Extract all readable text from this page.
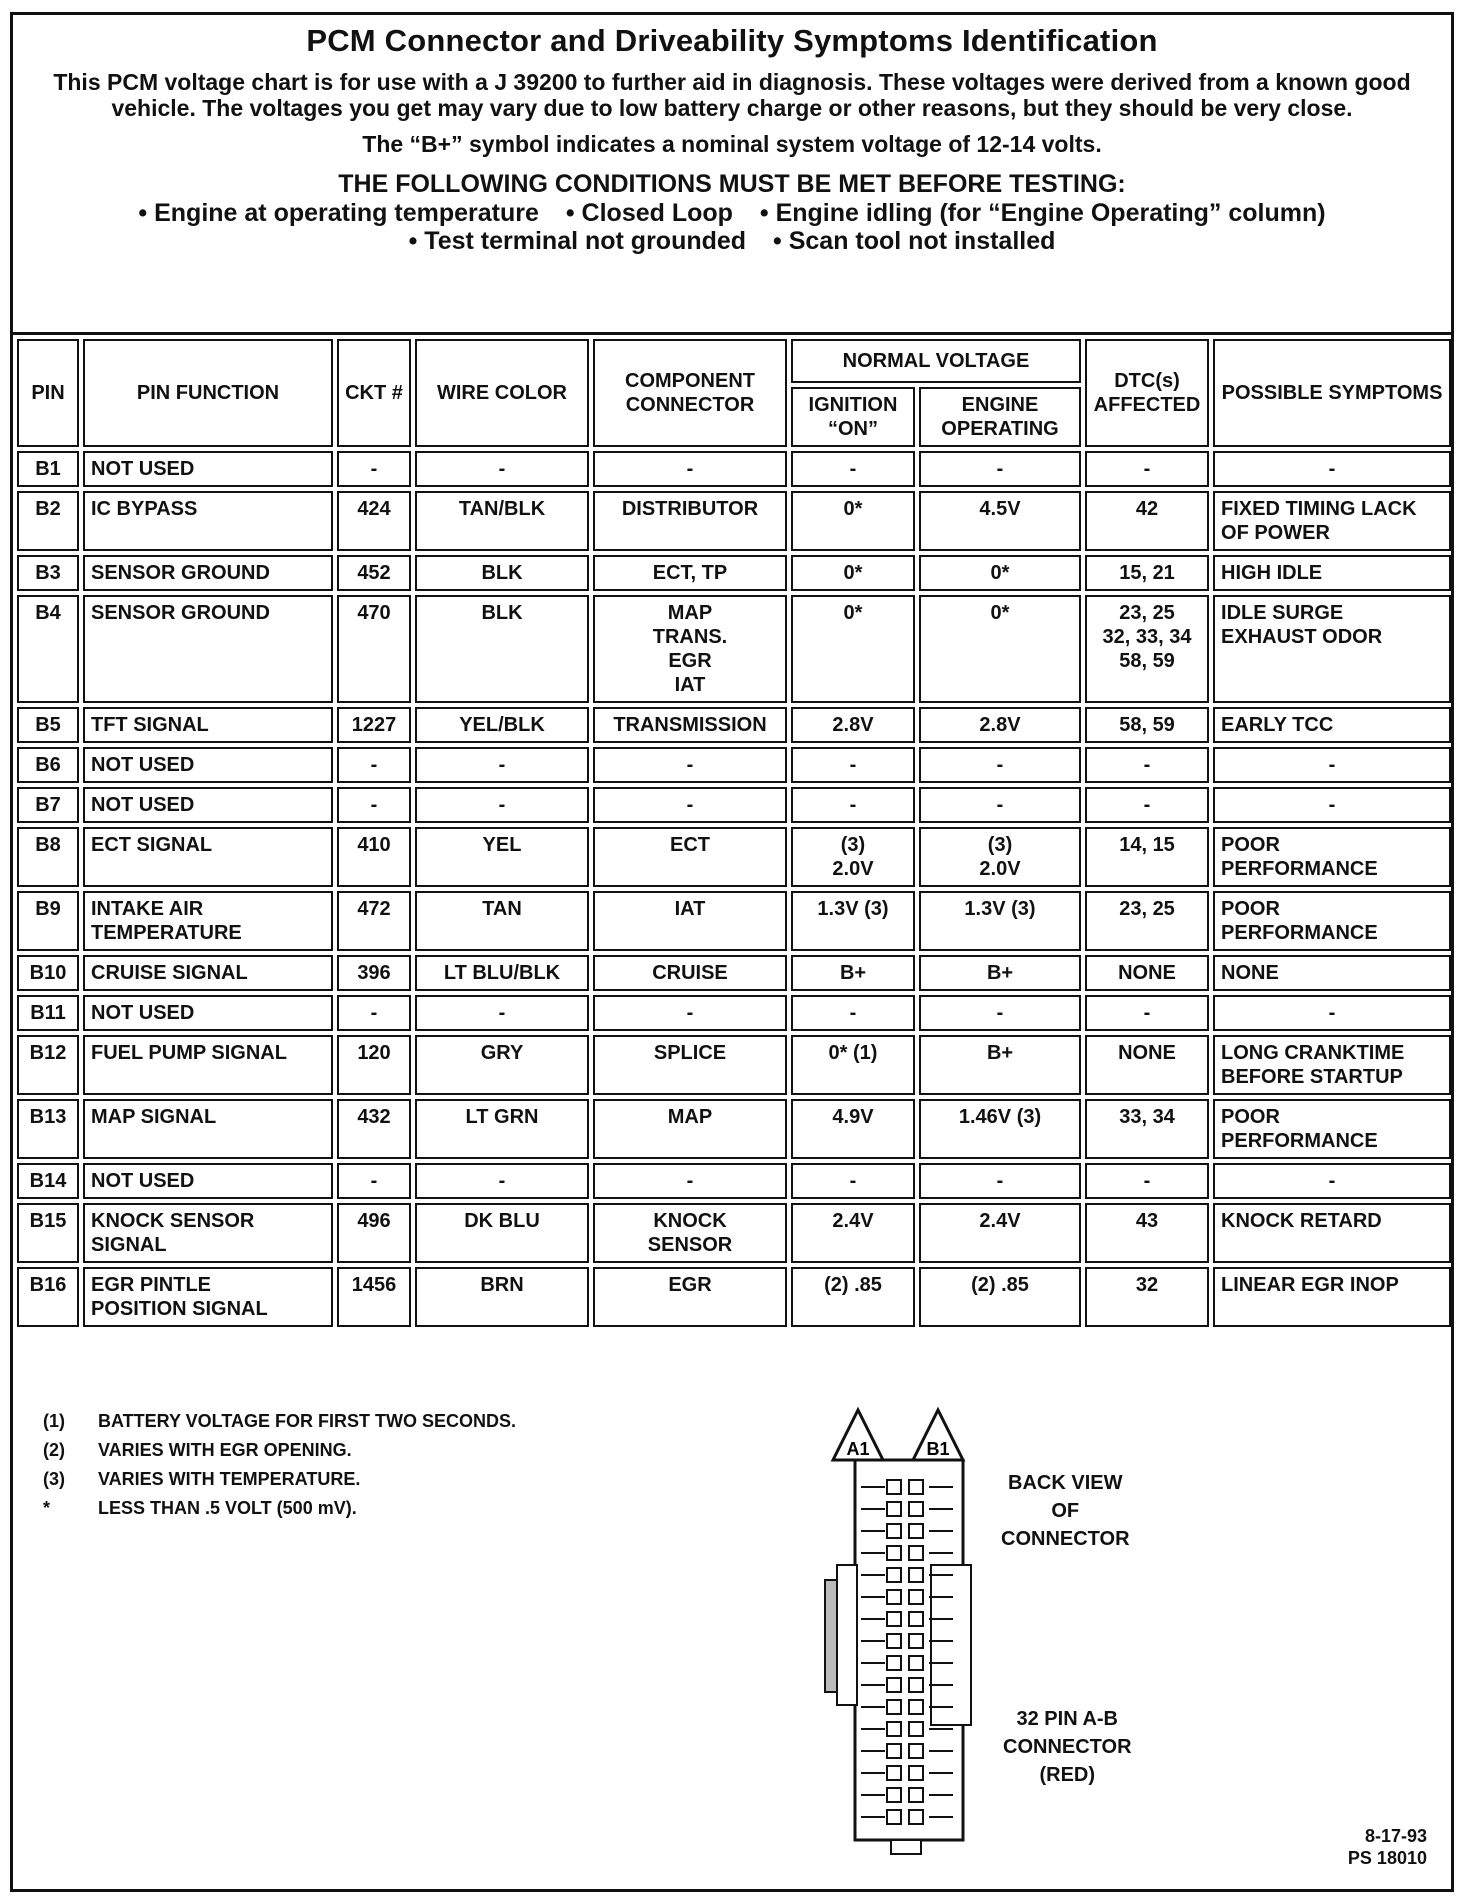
PCM Connector and Driveability Symptoms Identification
This PCM voltage chart is for use with a J 39200 to further aid in diagnosis. These voltages were derived from a known good vehicle. The voltages you get may vary due to low battery charge or other reasons, but they should be very close.
The “B+” symbol indicates a nominal system voltage of 12-14 volts.
THE FOLLOWING CONDITIONS MUST BE MET BEFORE TESTING:
• Engine at operating temperature • Closed Loop • Engine idling (for “Engine Operating” column)
• Test terminal not grounded • Scan tool not installed
PIN	PIN FUNCTION	CKT #	WIRE COLOR	COMPONENT CONNECTOR	NORMAL VOLTAGE		DTC(s) AFFECTED	POSSIBLE SYMPTOMS
					IGNITION “ON”	ENGINE OPERATING		
B1	NOT USED	-	-	-	-	-	-	-
B2	IC BYPASS	424	TAN/BLK	DISTRIBUTOR	0*	4.5V	42	FIXED TIMING LACK OF POWER
B3	SENSOR GROUND	452	BLK	ECT, TP	0*	0*	15, 21	HIGH IDLE
B4	SENSOR GROUND	470	BLK	MAP
TRANS.
EGR
IAT	0*	0*	23, 25
32, 33, 34
58, 59	IDLE SURGE
EXHAUST ODOR
B5	TFT SIGNAL	1227	YEL/BLK	TRANSMISSION	2.8V	2.8V	58, 59	EARLY TCC
B6	NOT USED	-	-	-	-	-	-	-
B7	NOT USED	-	-	-	-	-	-	-
B8	ECT SIGNAL	410	YEL	ECT	(3)
2.0V	(3)
2.0V	14, 15	POOR
PERFORMANCE
B9	INTAKE AIR
TEMPERATURE	472	TAN	IAT	1.3V (3)	1.3V (3)	23, 25	POOR
PERFORMANCE
B10	CRUISE SIGNAL	396	LT BLU/BLK	CRUISE	B+	B+	NONE	NONE
B11	NOT USED	-	-	-	-	-	-	-
B12	FUEL PUMP SIGNAL	120	GRY	SPLICE	0* (1)	B+	NONE	LONG CRANKTIME
BEFORE STARTUP
B13	MAP SIGNAL	432	LT GRN	MAP	4.9V	1.46V (3)	33, 34	POOR
PERFORMANCE
B14	NOT USED	-	-	-	-	-	-	-
B15	KNOCK SENSOR
SIGNAL	496	DK BLU	KNOCK
SENSOR	2.4V	2.4V	43	KNOCK RETARD
B16	EGR PINTLE
POSITION SIGNAL	1456	BRN	EGR	(2) .85	(2) .85	32	LINEAR EGR INOP
(1)	BATTERY VOLTAGE FOR FIRST TWO SECONDS.
(2)	VARIES WITH EGR OPENING.
(3)	VARIES WITH TEMPERATURE.
*	LESS THAN .5 VOLT (500 mV).
A1	B1
BACK VIEW
OF
CONNECTOR
32 PIN A-B
CONNECTOR
(RED)
8-17-93
PS 18010
